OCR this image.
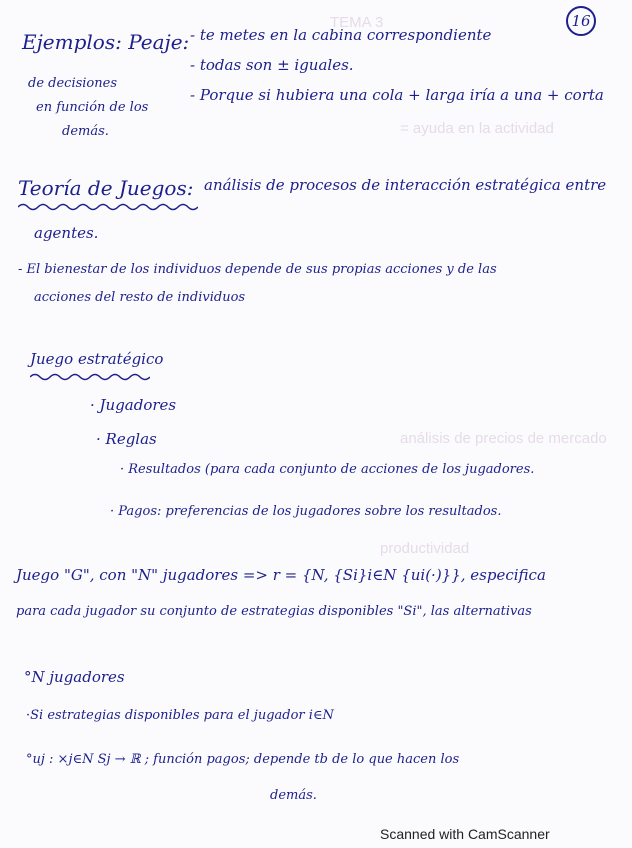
TEMA 3
= ayuda en la actividad
análisis de precios de mercado
productividad
16
Ejemplos: Peaje: - te metes en la cabina correspondiente
- todas son ± iguales.
- Porque si hubiera una cola + larga iría a una + corta
de decisiones
en función de los
demás.
Teoría de Juegos: análisis de procesos de interacción estratégica entre
agentes.
- El bienestar de los individuos depende de sus propias acciones y de las
acciones del resto de individuos
Juego estratégico
· Jugadores
· Reglas
· Resultados (para cada conjunto de acciones de los jugadores.
· Pagos: preferencias de los jugadores sobre los resultados.
Juego "G", con "N" jugadores => r = {N, {Si}i∈N {ui(·)}}, especifica
para cada jugador su conjunto de estrategias disponibles "Si", las alternativas
°N jugadores
·Si estrategias disponibles para el jugador i∈N
°uj : ×j∈N Sj → ℝ ; función pagos; depende tb de lo que hacen los
demás.
Scanned with CamScanner
